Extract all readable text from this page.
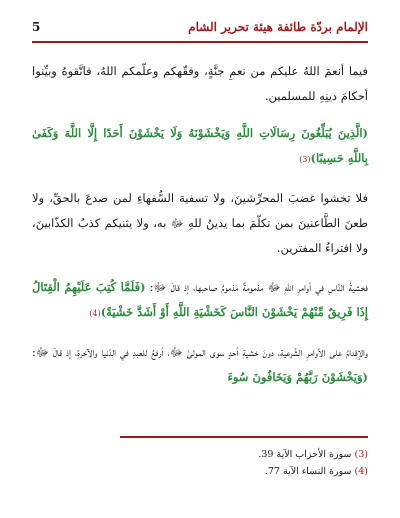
الإلمام بردّة طائفة هيئة تحرير الشام
5

فيما أنعمَ اللهُ عليكم من نعمِ جنَّةٍ، وفقّهكم وعلّمكم اللهُ، فاتَّقوهُ وبيِّنوا أحكامَ دينِهِ للمسلمين.

(الَّذِينَ يُبَلِّغُونَ رِسَالَاتِ اللَّهِ وَيَخْشَوْنَهُ وَلَا يَخْشَوْنَ أَحَدًا إِلَّا اللَّهَ وَكَفَىٰ بِاللَّهِ حَسِيبًا)(3)

فلا تخشوا غضبَ المحرِّشينَ، ولا تسفيهَ السُّفهاءِ لمن صدعَ بالحقِّ، ولا طعنَ الطَّاعنينَ بمن تكلّمَ بما يدينُ للهِ ﷻ به، ولا يثنيكم كذبُ الكذّابينَ، ولا افتراءُ المفترين.

فخشيةُ النَّاسِ في أوامرِ اللهِ ﷻ مذمومةٌ مذمومٌ صاحبها، إذ قالَ ﷻ: (فَلَمَّا كُتِبَ عَلَيْهِمُ الْقِتَالُ إِذَا فَرِيقٌ مِّنْهُمْ يَخْشَوْنَ النَّاسَ كَخَشْيَةِ اللَّهِ أَوْ أَشَدَّ خَشْيَةً)(4)

والإقدامُ على الأوامرِ الشَّرعيةِ، دونَ خشيةِ أحدٍ سوى المولىٰ ﷻ، أرفعُ للعبدِ في الدّنيا والآخرةِ، إذ قالَ ﷻ: (وَيَخْشَوْنَ رَبَّهُمْ وَيَخَافُونَ سُوءَ

(3) سورة الأحزاب الآية 39.
(4) سورة النساء الآية 77.
